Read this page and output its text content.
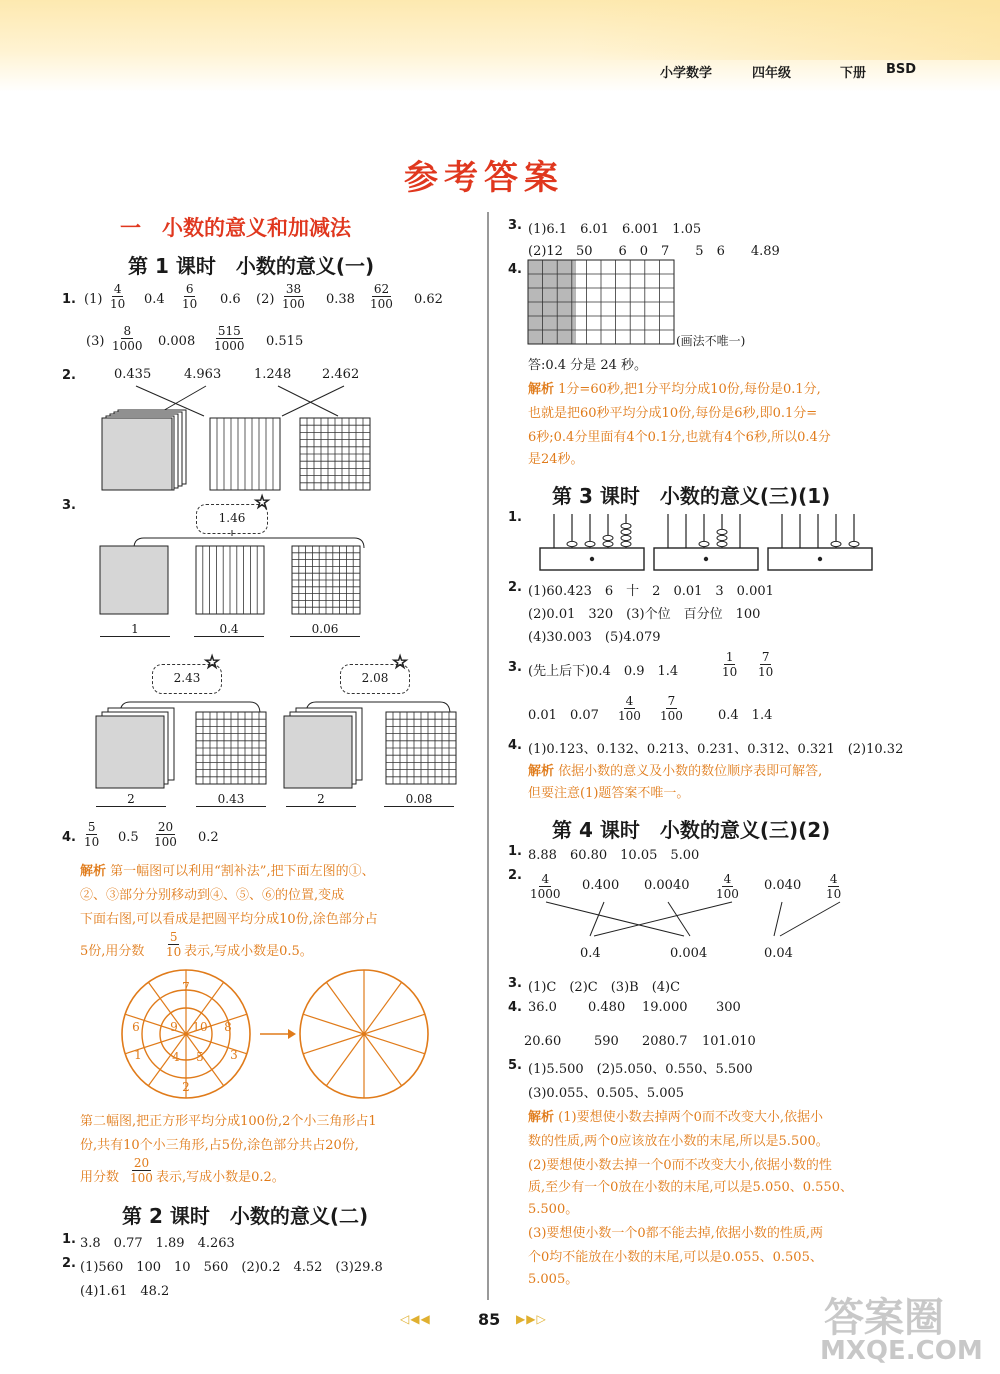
小学数学	四年级	下册 BSD
参考答案
一　小数的意义和加减法
第 1 课时　小数的意义(一)
1. $(1) \frac{4}{10} 0.4 \frac{6}{10} 0.6$ $(2) \frac{38}{100} 0.38 \frac{62}{100} 0.62$
$(3) \frac{8}{1000} 0.008 \frac{515}{1000} 0.515$
2.	0.435	4.963	1.248 2.462
3.
1.46
2.43	2.08
☆
☆	☆
1	0.4	0.06
2	0.43	2	0.08
4. $\frac{5}{10} 0.5 \frac{20}{100} 0.2$
解析 第一幅图可以利用“割补法”,把下面左图的①、
②、③部分分别移动到④、⑤、⑥的位置,变成
下面右图,可以看成是把圆平均分成10份,涂色部分占
5份,用分数 $\frac{5}{10}$ 表示,写成小数是0.5。
1
2
3
4 5
6
7
8
9 10
第二幅图,把正方形平均分成100份,2个小三角形占1
份,共有10个小三角形,占5份,涂色部分共占20份,
用分数 $\frac{20}{100}$ 表示,写成小数是0.2。
第 2 课时　小数的意义(二)
1. 3.8　0.77　1.89　4.263
2. (1)560　100　10　560　(2)0.2　4.52　(3)29.8
(4)1.61　48.2
3. (1)6.1　6.01　6.001　1.05
(2)12　50　　6　0　7　　5　6　　4.89
4.
(画法不唯一)
答:0.4 分是 24 秒。
解析 1分=60秒,把1分平均分成10份,每份是0.1分,
也就是把60秒平均分成10份,每份是6秒,即0.1分=
6秒;0.4分里面有4个0.1分,也就有4个6秒,所以0.4分
是24秒。
第 3 课时　小数的意义(三)(1)
1.
2. (1)60.423　6　十　2　0.01　3　0.001
(2)0.01　320　(3)个位　百分位　100
(4)30.003　(5)4.079
3. (先上后下)0.4　0.9　1.4	$\frac{1}{10} \frac{7}{10}$
0.01　$0.07 \frac{4}{100} \frac{7}{100}$	0.4　1.4
4. (1)0.123、0.132、0.213、0.231、0.312、0.321　(2)10.32
解析 依据小数的意义及小数的数位顺序表即可解答,
但要注意(1)题答案不唯一。
第 4 课时　小数的意义(三)(2)
1. 8.88　60.80　10.05　5.00
2. $\frac{4}{1000} 0.400$ $0.0040 \frac{4}{100} 0.040 \frac{4}{10}$
0.4	0.004	0.04
3. (1)C　(2)C　(3)B　(4)C
4. 36.0 0.480 19.000 300
20.60	590 2080.7 101.010
5. (1)5.500　(2)5.050、0.550、5.500
(3)0.055、0.505、5.005
解析 (1)要想使小数去掉两个0而不改变大小,依据小
数的性质,两个0应该放在小数的末尾,所以是5.500。
(2)要想使小数去掉一个0而不改变大小,依据小数的性
质,至少有一个0放在小数的末尾,可以是5.050、0.550、
5.500。
(3)要想使小数一个0都不能去掉,依据小数的性质,两
个0均不能放在小数的末尾,可以是0.055、0.505、
5.005。
◁◀◀	85 ▶▶▷	答案圈
MXQE.COM
